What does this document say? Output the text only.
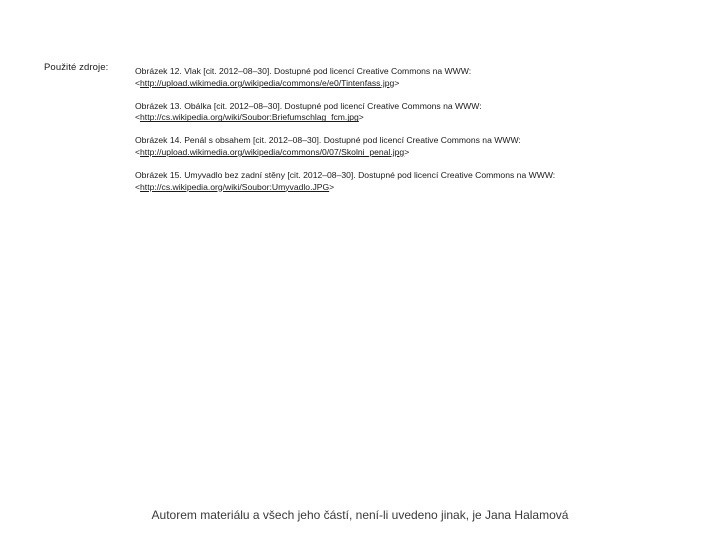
Použité zdroje:	Obrázek 12. Vlak [cit. 2012–08–30]. Dostupné pod licencí Creative Commons na WWW:
<http://upload.wikimedia.org/wikipedia/commons/e/e0/Tintenfass.jpg>
Obrázek 13. Obálka [cit. 2012–08–30]. Dostupné pod licencí Creative Commons na WWW:
<http://cs.wikipedia.org/wiki/Soubor:Briefumschlag_fcm.jpg>
Obrázek 14. Penál s obsahem [cit. 2012–08–30]. Dostupné pod licencí Creative Commons na WWW:
<http://upload.wikimedia.org/wikipedia/commons/0/07/Skolni_penal.jpg>
Obrázek 15. Umyvadlo bez zadní stěny [cit. 2012–08–30]. Dostupné pod licencí Creative Commons na WWW:
<http://cs.wikipedia.org/wiki/Soubor:Umyvadlo.JPG>
Autorem materiálu a všech jeho částí, není-li uvedeno jinak, je Jana Halamová
